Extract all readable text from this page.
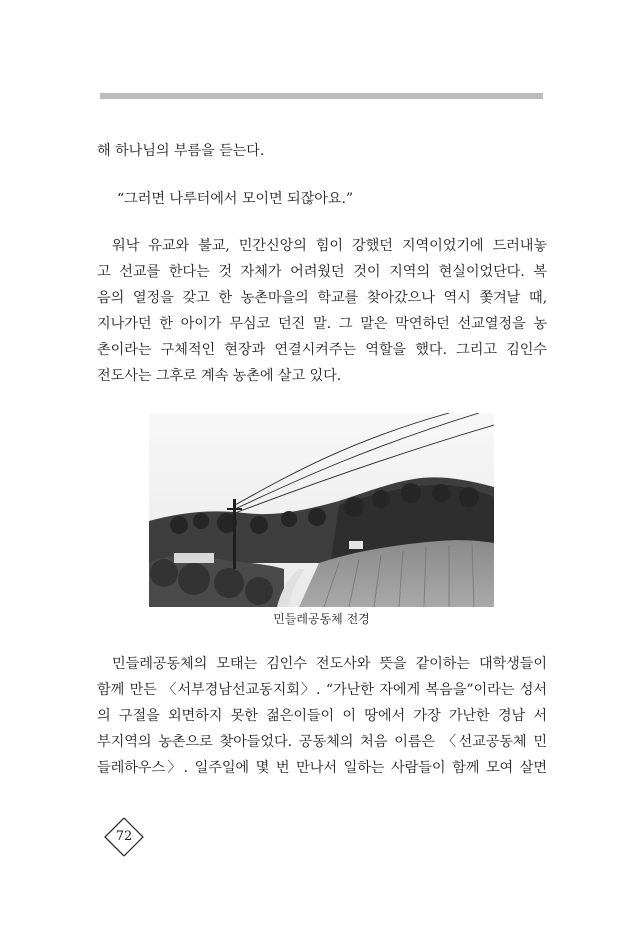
해 하나님의 부름을 듣는다.
“그러면 나루터에서 모이면 되잖아요.”
워낙 유교와 불교, 민간신앙의 힘이 강했던 지역이었기에 드러내놓
고 선교를 한다는 것 자체가 어려웠던 것이 지역의 현실이었단다. 복
음의 열정을 갖고 한 농촌마을의 학교를 찾아갔으나 역시 쫓겨날 때,
지나가던 한 아이가 무심코 던진 말. 그 말은 막연하던 선교열정을 농
촌이라는 구체적인 현장과 연결시켜주는 역할을 했다. 그리고 김인수
전도사는 그후로 계속 농촌에 살고 있다.
민들레공동체 전경
민들레공동체의 모태는 김인수 전도사와 뜻을 같이하는 대학생들이
함께 만든 〈서부경남선교동지회〉. “가난한 자에게 복음을”이라는 성서
의 구절을 외면하지 못한 젊은이들이 이 땅에서 가장 가난한 경남 서
부지역의 농촌으로 찾아들었다. 공동체의 처음 이름은 〈선교공동체 민
들레하우스〉. 일주일에 몇 번 만나서 일하는 사람들이 함께 모여 살면
72
